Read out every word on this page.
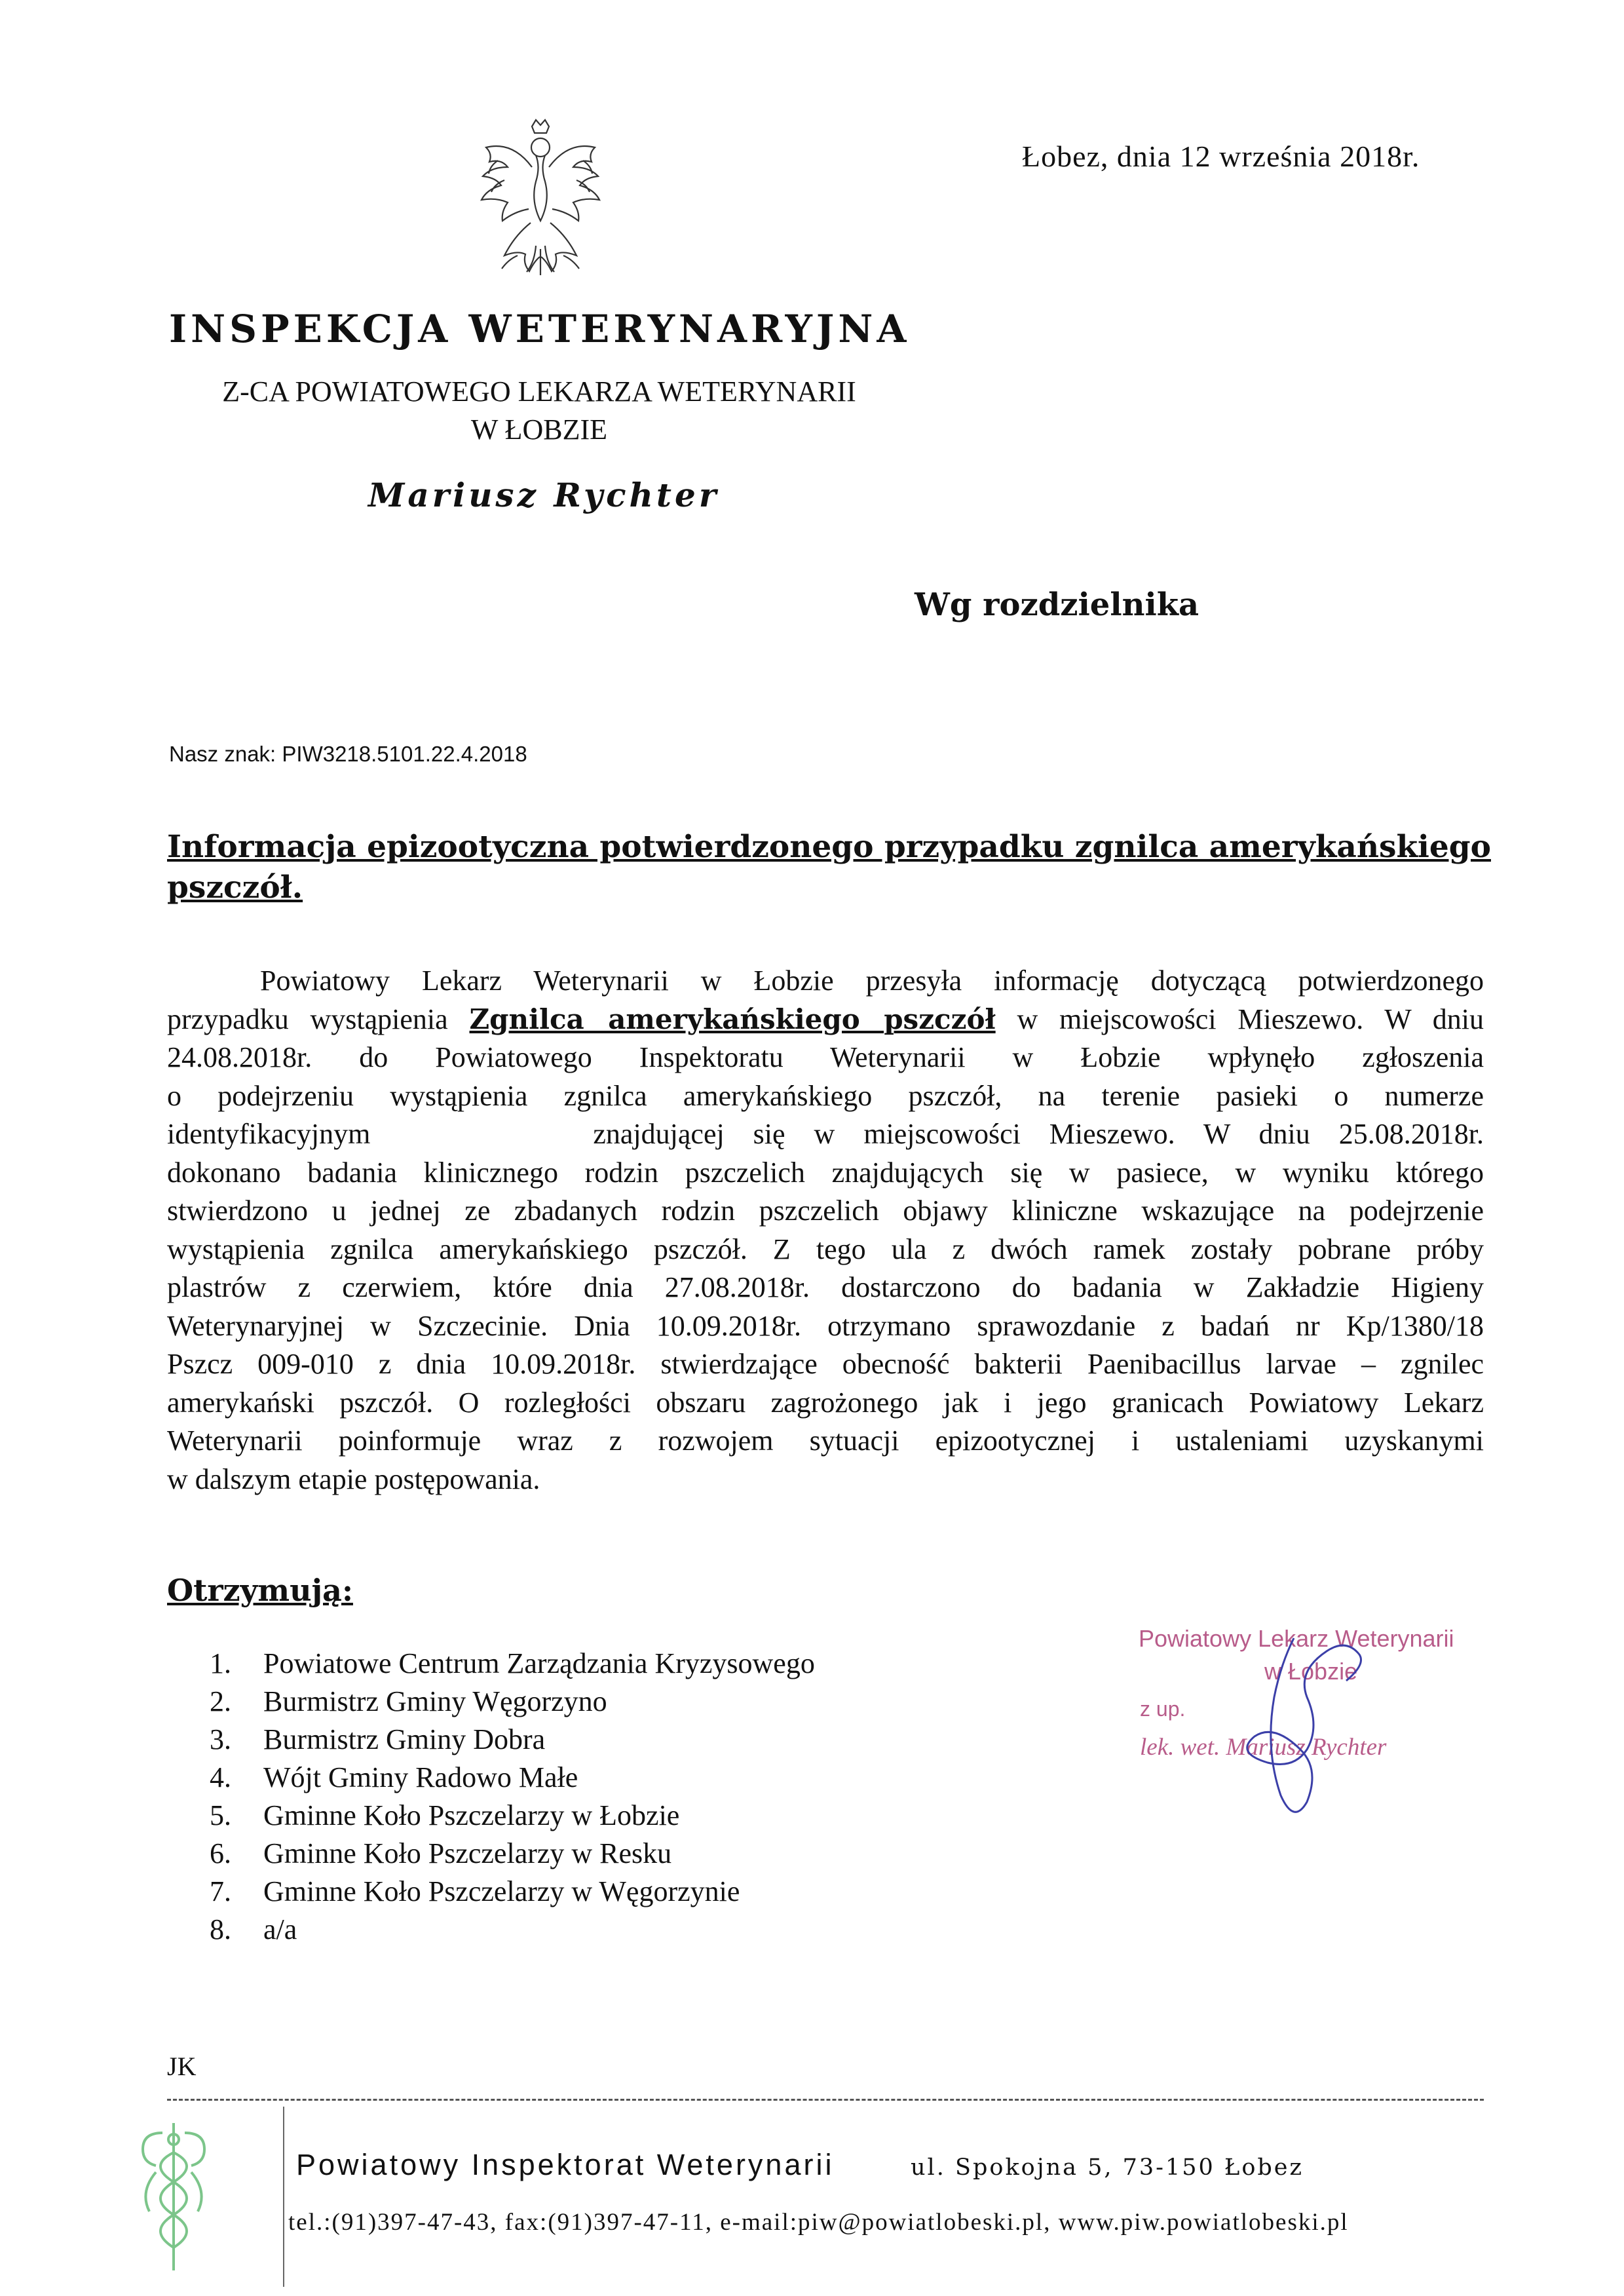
Łobez, dnia 12 września 2018r.
INSPEKCJA WETERYNARYJNA
Z-CA POWIATOWEGO LEKARZA WETERYNARII
W ŁOBZIE
Mariusz Rychter
Wg rozdzielnika
Nasz znak: PIW3218.5101.22.4.2018
Informacja epizootyczna potwierdzonego przypadku zgnilca amerykańskiego pszczół.
Powiatowy Lekarz Weterynarii w Łobzie przesyła informację dotyczącą potwierdzonego
przypadku wystąpienia Zgnilca amerykańskiego pszczół w miejscowości Mieszewo. W dniu
24.08.2018r. do Powiatowego Inspektoratu Weterynarii w Łobzie wpłynęło zgłoszenia
o podejrzeniu wystąpienia zgnilca amerykańskiego pszczół, na terenie pasieki o numerze
identyfikacyjnym	znajdującej się w miejscowości Mieszewo. W dniu 25.08.2018r.
dokonano badania klinicznego rodzin pszczelich znajdujących się w pasiece, w wyniku którego
stwierdzono u jednej ze zbadanych rodzin pszczelich objawy kliniczne wskazujące na podejrzenie
wystąpienia zgnilca amerykańskiego pszczół. Z tego ula z dwóch ramek zostały pobrane próby
plastrów z czerwiem, które dnia 27.08.2018r. dostarczono do badania w Zakładzie Higieny
Weterynaryjnej w Szczecinie. Dnia 10.09.2018r. otrzymano sprawozdanie z badań nr Kp/1380/18
Pszcz 009-010 z dnia 10.09.2018r. stwierdzające obecność bakterii Paenibacillus larvae – zgnilec
amerykański pszczół. O rozległości obszaru zagrożonego jak i jego granicach Powiatowy Lekarz
Weterynarii poinformuje wraz z rozwojem sytuacji epizootycznej i ustaleniami uzyskanymi
w dalszym etapie postępowania.
Otrzymują:
1. Powiatowe Centrum Zarządzania Kryzysowego
2. Burmistrz Gminy Węgorzyno
3. Burmistrz Gminy Dobra
4. Wójt Gminy Radowo Małe
5. Gminne Koło Pszczelarzy w Łobzie
6. Gminne Koło Pszczelarzy w Resku
7. Gminne Koło Pszczelarzy w Węgorzynie
8. a/a
Powiatowy Lekarz Weterynarii
w Łobzie
z up.
lek. wet. Mariusz Rychter
JK
Powiatowy Inspektorat Weterynarii	ul. Spokojna 5, 73-150 Łobez
tel.:(91)397-47-43, fax:(91)397-47-11, e-mail:piw@powiatlobeski.pl, www.piw.powiatlobeski.pl
